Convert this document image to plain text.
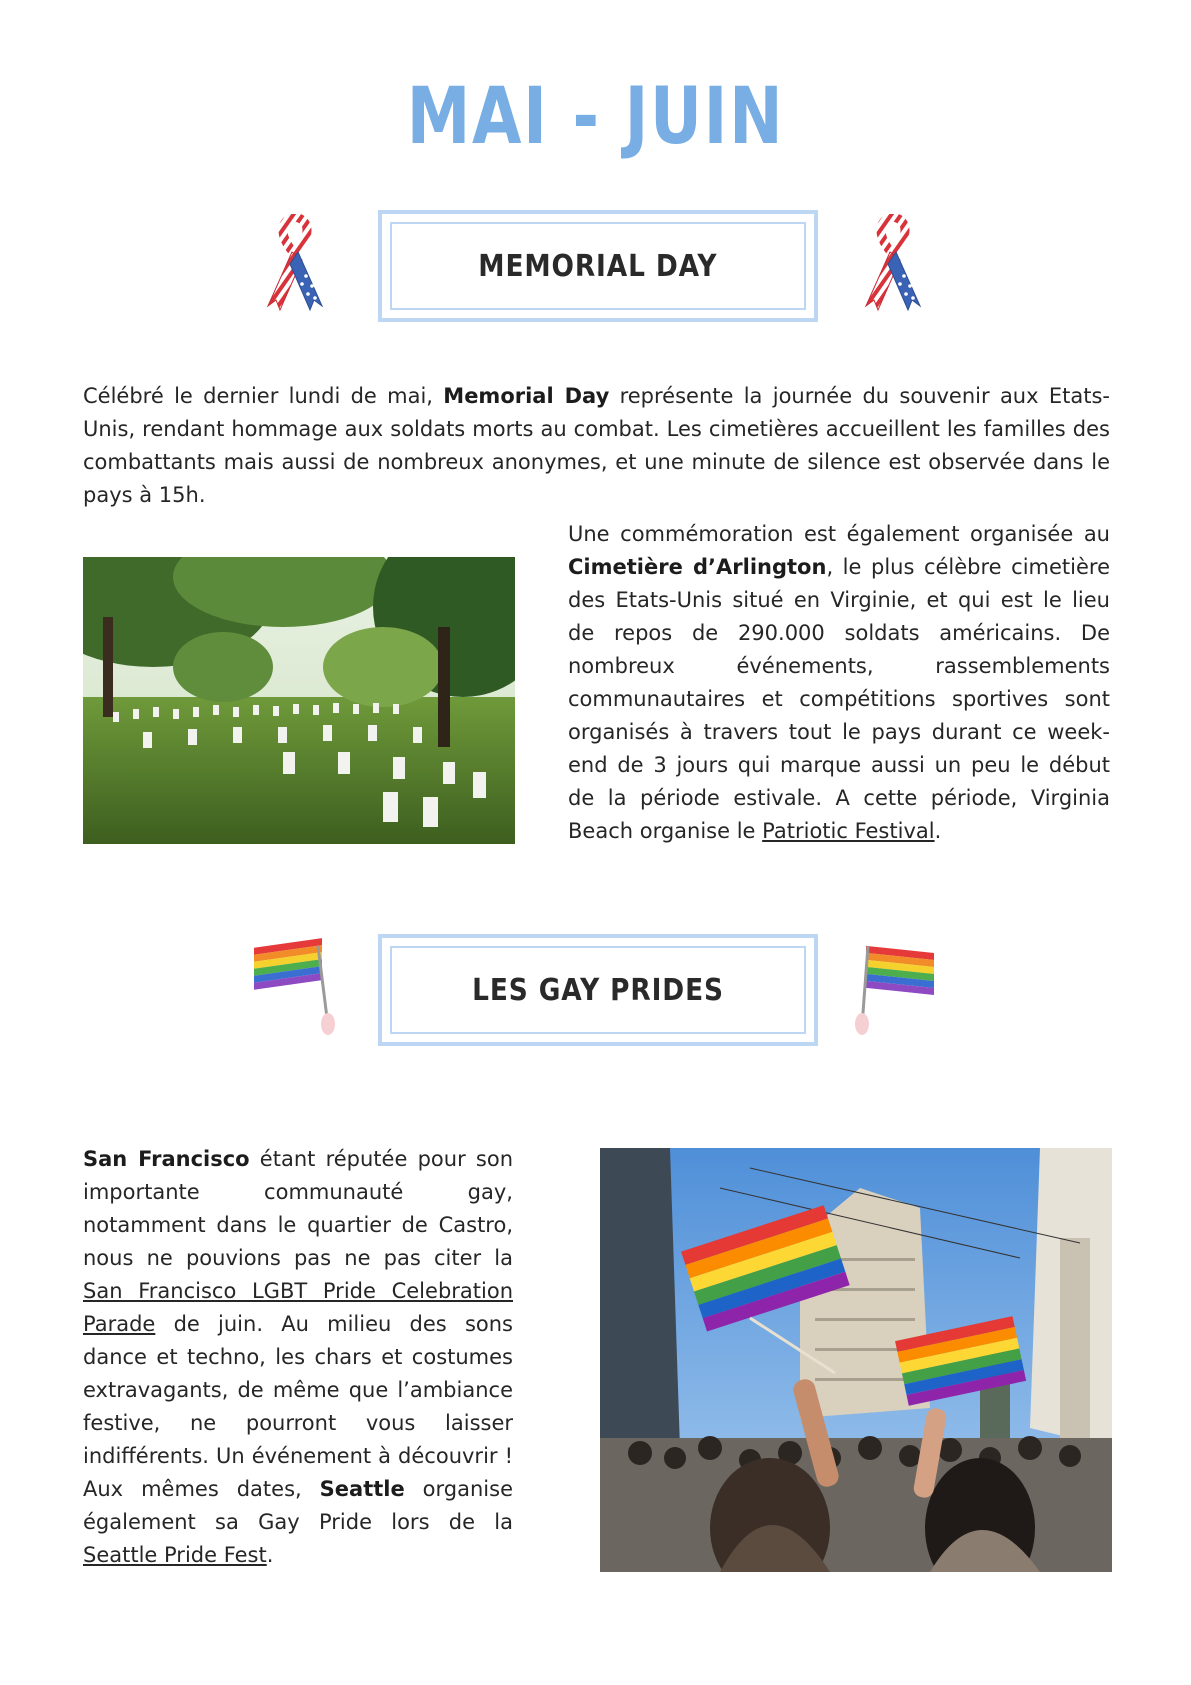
MAI - JUIN
MEMORIAL DAY
Célébré le dernier lundi de mai, Memorial Day représente la journée du souvenir aux Etats-Unis, rendant hommage aux soldats morts au combat. Les cimetières accueillent les familles des combattants mais aussi de nombreux anonymes, et une minute de silence est observée dans le pays à 15h.
Une commémoration est également organisée au Cimetière d’Arlington, le plus célèbre cimetière des Etats-Unis situé en Virginie, et qui est le lieu de repos de 290.000 soldats américains. De nombreux événements, rassemblements communautaires et compétitions sportives sont organisés à travers tout le pays durant ce week-end de 3 jours qui marque aussi un peu le début de la période estivale. A cette période, Virginia Beach organise le Patriotic Festival.
LES GAY PRIDES
San Francisco étant réputée pour son importante communauté gay, notamment dans le quartier de Castro, nous ne pouvions pas ne pas citer la San Francisco LGBT Pride Celebration Parade de juin. Au milieu des sons dance et techno, les chars et costumes extravagants, de même que l’ambiance festive, ne pourront vous laisser indifférents. Un événement à découvrir ! Aux mêmes dates, Seattle organise également sa Gay Pride lors de la Seattle Pride Fest.
